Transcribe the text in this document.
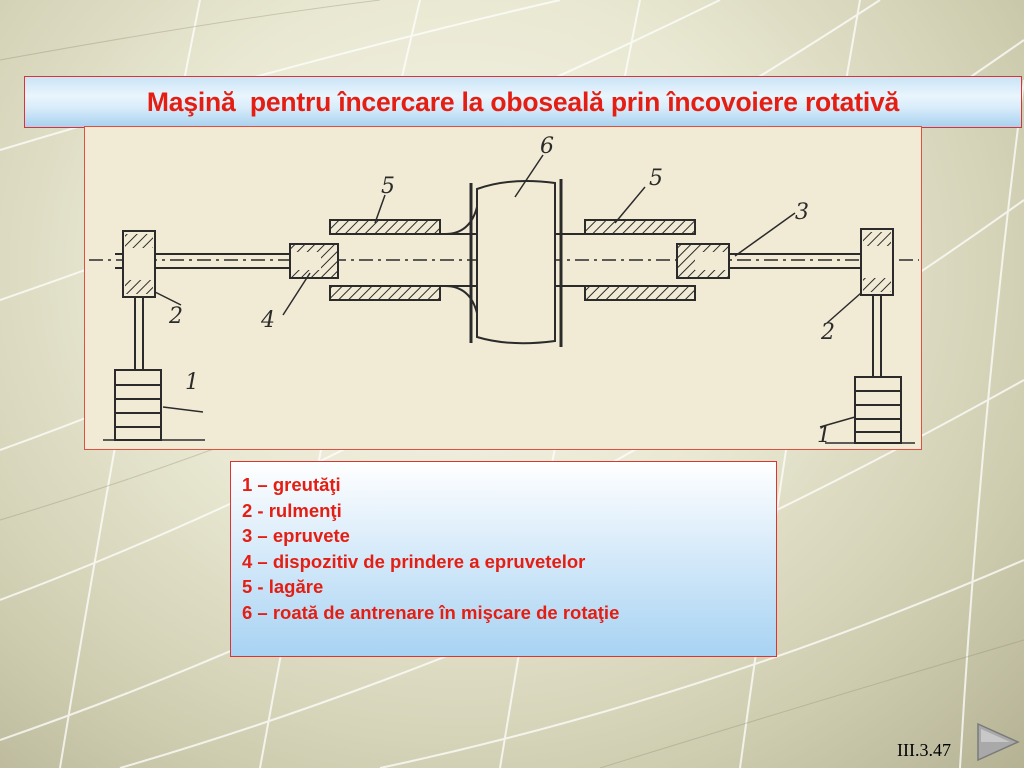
Maşină  pentru încercare la oboseală prin încovoiere rotativă
1
1
2
2
3
4
5	5
6
1 – greutăţi
2 - rulmenţi
3 – epruvete
4 – dispozitiv de prindere a epruvetelor
5 - lagăre
6 – roată de antrenare în mişcare de rotaţie
III.3.47
